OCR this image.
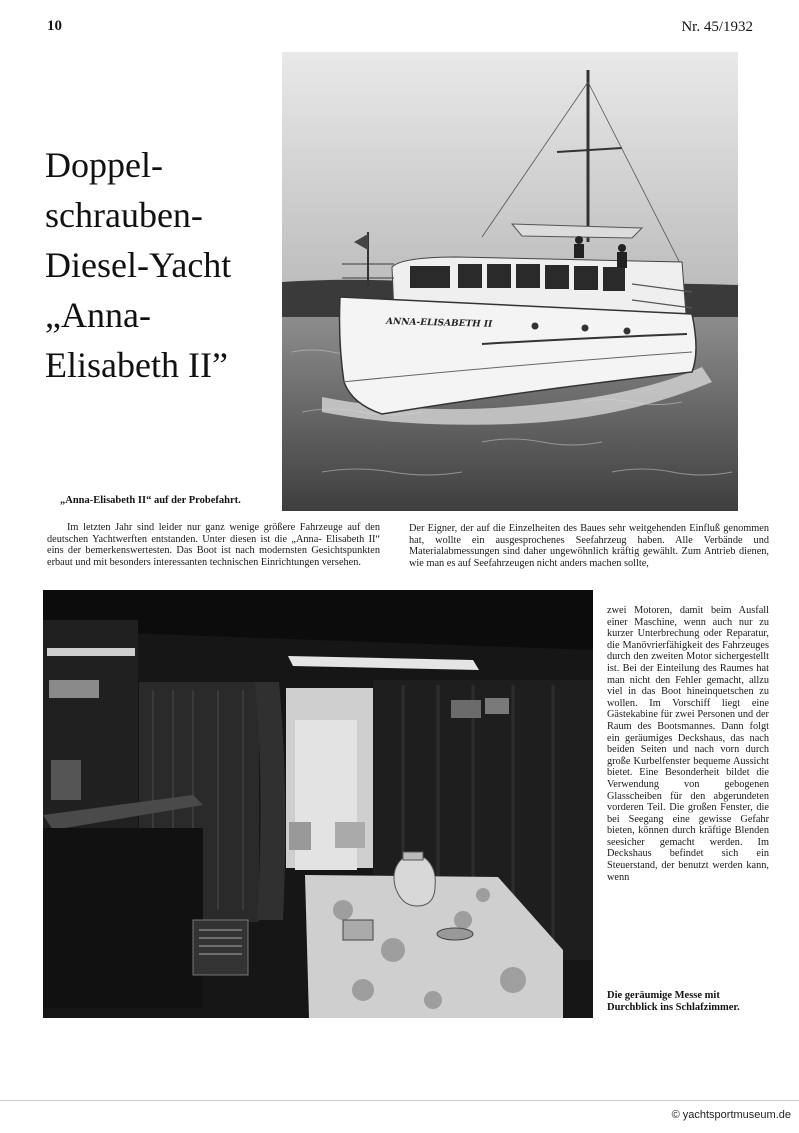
10	Nr. 45/1932
Doppel-
schrauben-
Diesel-Yacht
„Anna-
Elisabeth II”
ANNA-ELISABETH II
„Anna-Elisabeth II“ auf der Probefahrt.
Im letzten Jahr sind leider nur ganz wenige größere Fahrzeuge auf den deutschen Yachtwerften entstanden. Unter diesen ist die „Anna- Elisabeth II“ eins der bemerkenswertesten. Das Boot ist nach modernsten Gesichtspunkten erbaut und mit besonders interessanten technischen Einrichtungen versehen.
Der Eigner, der auf die Einzelheiten des Baues sehr weitgehenden Einfluß genommen hat, wollte ein ausgesprochenes Seefahrzeug haben. Alle Verbände und Materialabmessungen sind daher ungewöhnlich kräftig gewählt. Zum Antrieb dienen, wie man es auf Seefahrzeugen nicht anders machen sollte,
zwei Motoren, damit beim Ausfall einer Maschine, wenn auch nur zu kurzer Unterbrechung oder Reparatur, die Manövrierfähigkeit des Fahrzeuges durch den zweiten Motor sichergestellt ist. Bei der Einteilung des Raumes hat man nicht den Fehler gemacht, allzu viel in das Boot hineinquetschen zu wollen. Im Vorschiff liegt eine Gästekabine für zwei Personen und der Raum des Bootsmannes. Dann folgt ein geräumiges Deckshaus, das nach beiden Seiten und nach vorn durch große Kurbelfenster bequeme Aussicht bietet. Eine Besonderheit bildet die Verwendung von gebogenen Glasscheiben für den abgerundeten vorderen Teil. Die großen Fenster, die bei Seegang eine gewisse Gefahr bieten, können durch kräftige Blenden seesicher gemacht werden. Im Deckshaus befindet sich ein Steuerstand, der benutzt werden kann, wenn
Die geräumige Messe mit Durchblick ins Schlafzimmer.
© yachtsportmuseum.de
